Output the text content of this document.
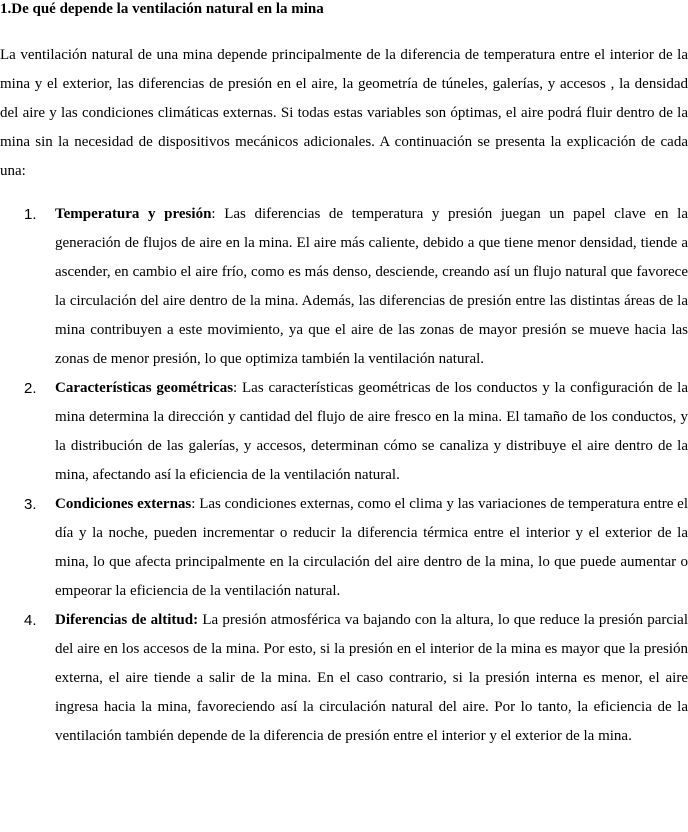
1.De qué depende la ventilación natural en la mina

La ventilación natural de una mina depende principalmente de la diferencia de temperatura entre el interior de la mina y el exterior, las diferencias de presión en el aire, la geometría de túneles, galerías, y accesos , la densidad del aire y las condiciones climáticas externas. Si todas estas variables son óptimas, el aire podrá fluir dentro de la mina sin la necesidad de dispositivos mecánicos adicionales. A continuación se presenta la explicación de cada una:

1. Temperatura y presión: Las diferencias de temperatura y presión juegan un papel clave en la generación de flujos de aire en la mina. El aire más caliente, debido a que tiene menor densidad, tiende a ascender, en cambio el aire frío, como es más denso, desciende, creando así un flujo natural que favorece la circulación del aire dentro de la mina. Además, las diferencias de presión entre las distintas áreas de la mina contribuyen a este movimiento, ya que el aire de las zonas de mayor presión se mueve hacia las zonas de menor presión, lo que optimiza también la ventilación natural.
2. Características geométricas: Las características geométricas de los conductos y la configuración de la mina determina la dirección y cantidad del flujo de aire fresco en la mina. El tamaño de los conductos, y la distribución de las galerías, y accesos, determinan cómo se canaliza y distribuye el aire dentro de la mina, afectando así la eficiencia de la ventilación natural.
3. Condiciones externas: Las condiciones externas, como el clima y las variaciones de temperatura entre el día y la noche, pueden incrementar o reducir la diferencia térmica entre el interior y el exterior de la mina, lo que afecta principalmente en la circulación del aire dentro de la mina, lo que puede aumentar o empeorar la eficiencia de la ventilación natural.
4. Diferencias de altitud: La presión atmosférica va bajando con la altura, lo que reduce la presión parcial del aire en los accesos de la mina. Por esto, si la presión en el interior de la mina es mayor que la presión externa, el aire tiende a salir de la mina. En el caso contrario, si la presión interna es menor, el aire ingresa hacia la mina, favoreciendo así la circulación natural del aire. Por lo tanto, la eficiencia de la ventilación también depende de la diferencia de presión entre el interior y el exterior de la mina.
